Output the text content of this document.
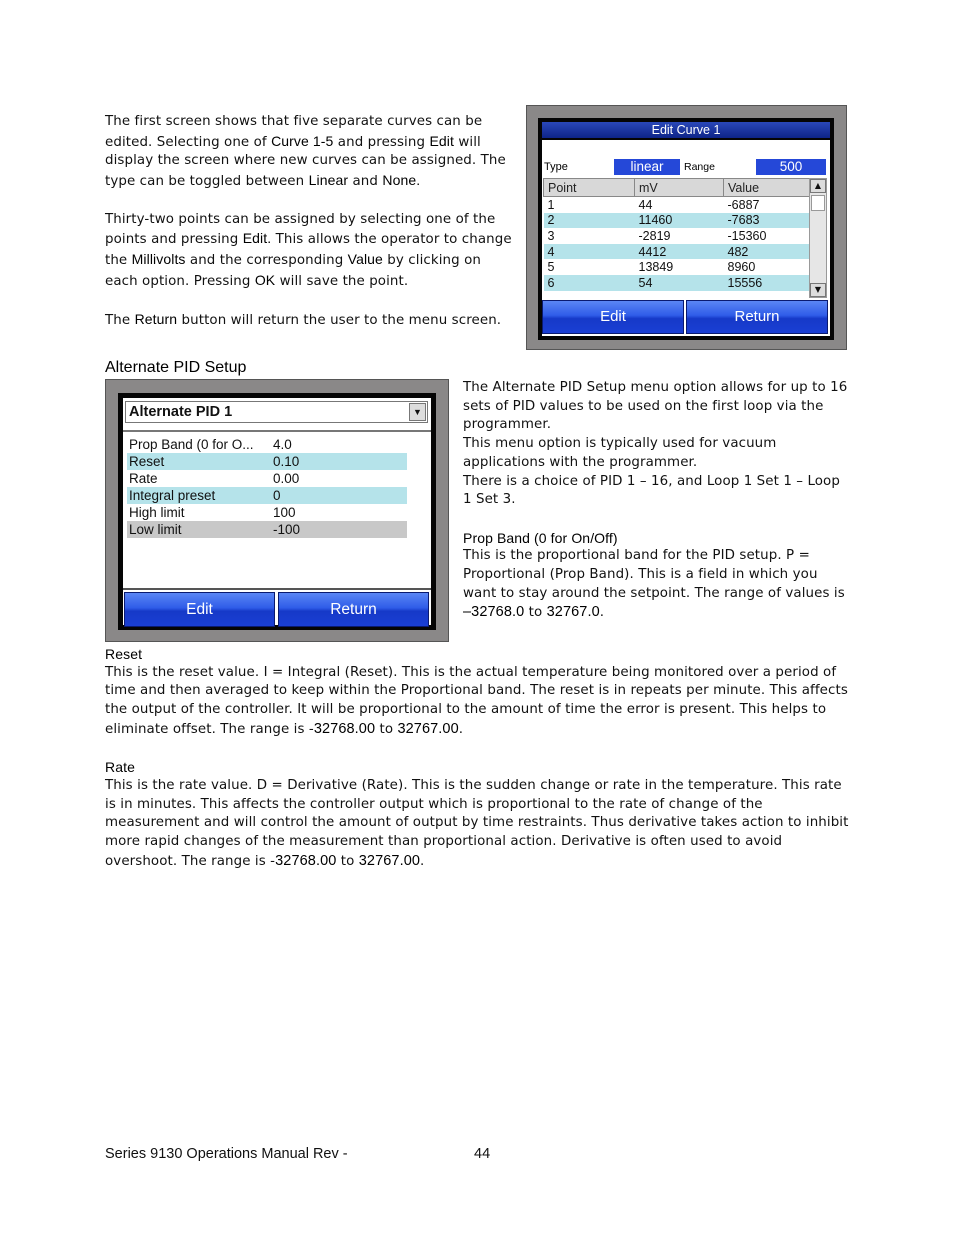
The first screen shows that five separate curves can be edited. Selecting one of Curve 1-5 and pressing Edit will display the screen where new curves can be assigned. The type can be toggled between Linear and None.

Thirty-two points can be assigned by selecting one of the points and pressing Edit. This allows the operator to change the Millivolts and the corresponding Value by clicking on each option. Pressing OK will save the point.

The Return button will return the user to the menu screen.

Edit Curve 1
Type	linear	Range	500
Point	mV	Value
1	44	-6887
2	11460	-7683
3	-2819	-15360
4	4412	482
5	13849	8960
6	54	15556
▲
▼
Edit	Return
Alternate PID Setup
Alternate PID 1	▼
Prop Band (0 for O...	4.0
Reset	0.10
Rate	0.00
Integral preset	0
High limit	100
Low limit	-100
Edit	Return

The Alternate PID Setup menu option allows for up to 16 sets of PID values to be used on the first loop via the programmer.

This menu option is typically used for vacuum applications with the programmer.

There is a choice of PID 1 – 16, and Loop 1 Set 1 – Loop 1 Set 3.

Prop Band (0 for On/Off)

This is the proportional band for the PID setup. P = Proportional (Prop Band). This is a field in which you want to stay around the setpoint. The range of values is –32768.0 to 32767.0.

Reset

This is the reset value. I = Integral (Reset). This is the actual temperature being monitored over a period of time and then averaged to keep within the Proportional band. The reset is in repeats per minute. This affects the output of the controller. It will be proportional to the amount of time the error is present. This helps to eliminate offset. The range is -32768.00 to 32767.00.

Rate

This is the rate value. D = Derivative (Rate). This is the sudden change or rate in the temperature. This rate is in minutes. This affects the controller output which is proportional to the rate of change of the measurement and will control the amount of output by time restraints. Thus derivative takes action to inhibit more rapid changes of the measurement than proportional action. Derivative is often used to avoid overshoot. The range is -32768.00 to 32767.00.

Series 9130 Operations Manual Rev -	44
